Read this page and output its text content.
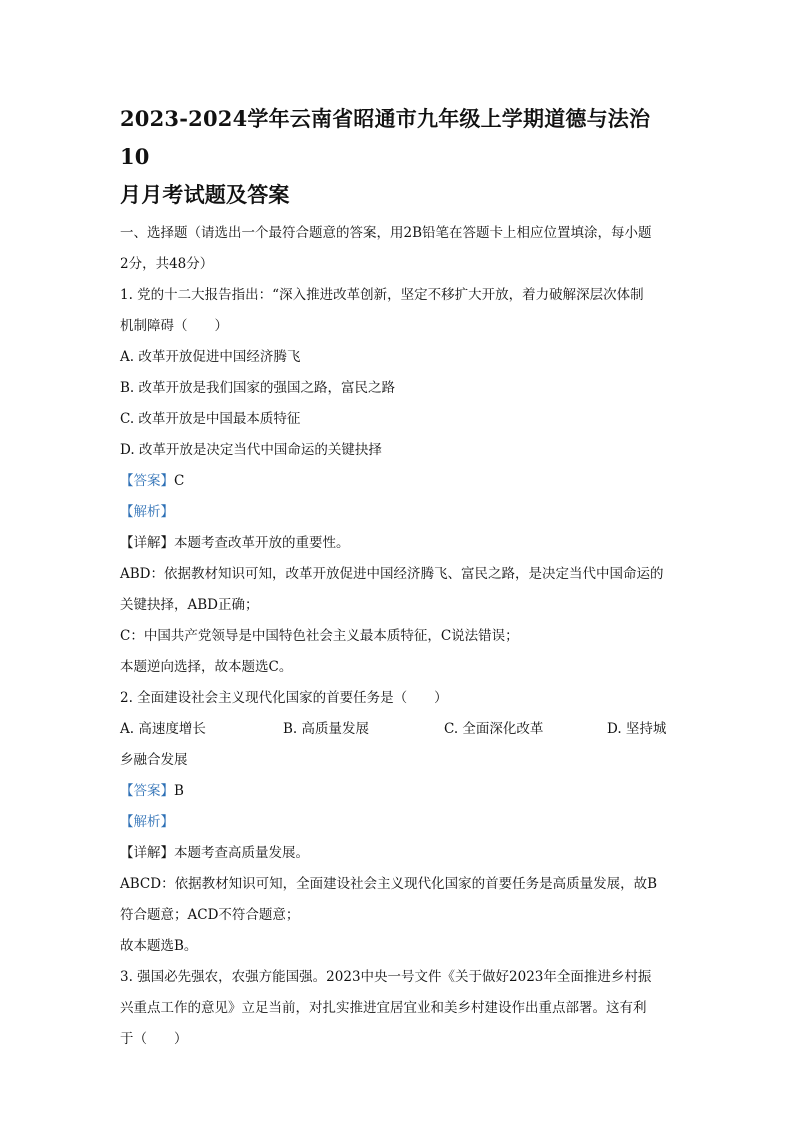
2023-2024学年云南省昭通市九年级上学期道德与法治10
月月考试题及答案
一、选择题（请选出一个最符合题意的答案，用2B铅笔在答题卡上相应位置填涂，每小题
2分，共48分）
1. 党的十二大报告指出：“深入推进改革创新，坚定不移扩大开放，着力破解深层次体制
机制障碍（　　）
A. 改革开放促进中国经济腾飞
B. 改革开放是我们国家的强国之路，富民之路
C. 改革开放是中国最本质特征
D. 改革开放是决定当代中国命运的关键抉择
【答案】C
【解析】
【详解】本题考查改革开放的重要性。
ABD：依据教材知识可知，改革开放促进中国经济腾飞、富民之路，是决定当代中国命运的
关键抉择，ABD正确；
C：中国共产党领导是中国特色社会主义最本质特征，C说法错误；
本题逆向选择，故本题选C。
2. 全面建设社会主义现代化国家的首要任务是（　　）
A. 高速度增长	B. 高质量发展	C. 全面深化改革	D. 坚持城
乡融合发展
【答案】B
【解析】
【详解】本题考查高质量发展。
ABCD：依据教材知识可知，全面建设社会主义现代化国家的首要任务是高质量发展，故B
符合题意；ACD不符合题意；
故本题选B。
3. 强国必先强农，农强方能国强。2023中央一号文件《关于做好2023年全面推进乡村振
兴重点工作的意见》立足当前，对扎实推进宜居宜业和美乡村建设作出重点部署。这有利
于（　　）
